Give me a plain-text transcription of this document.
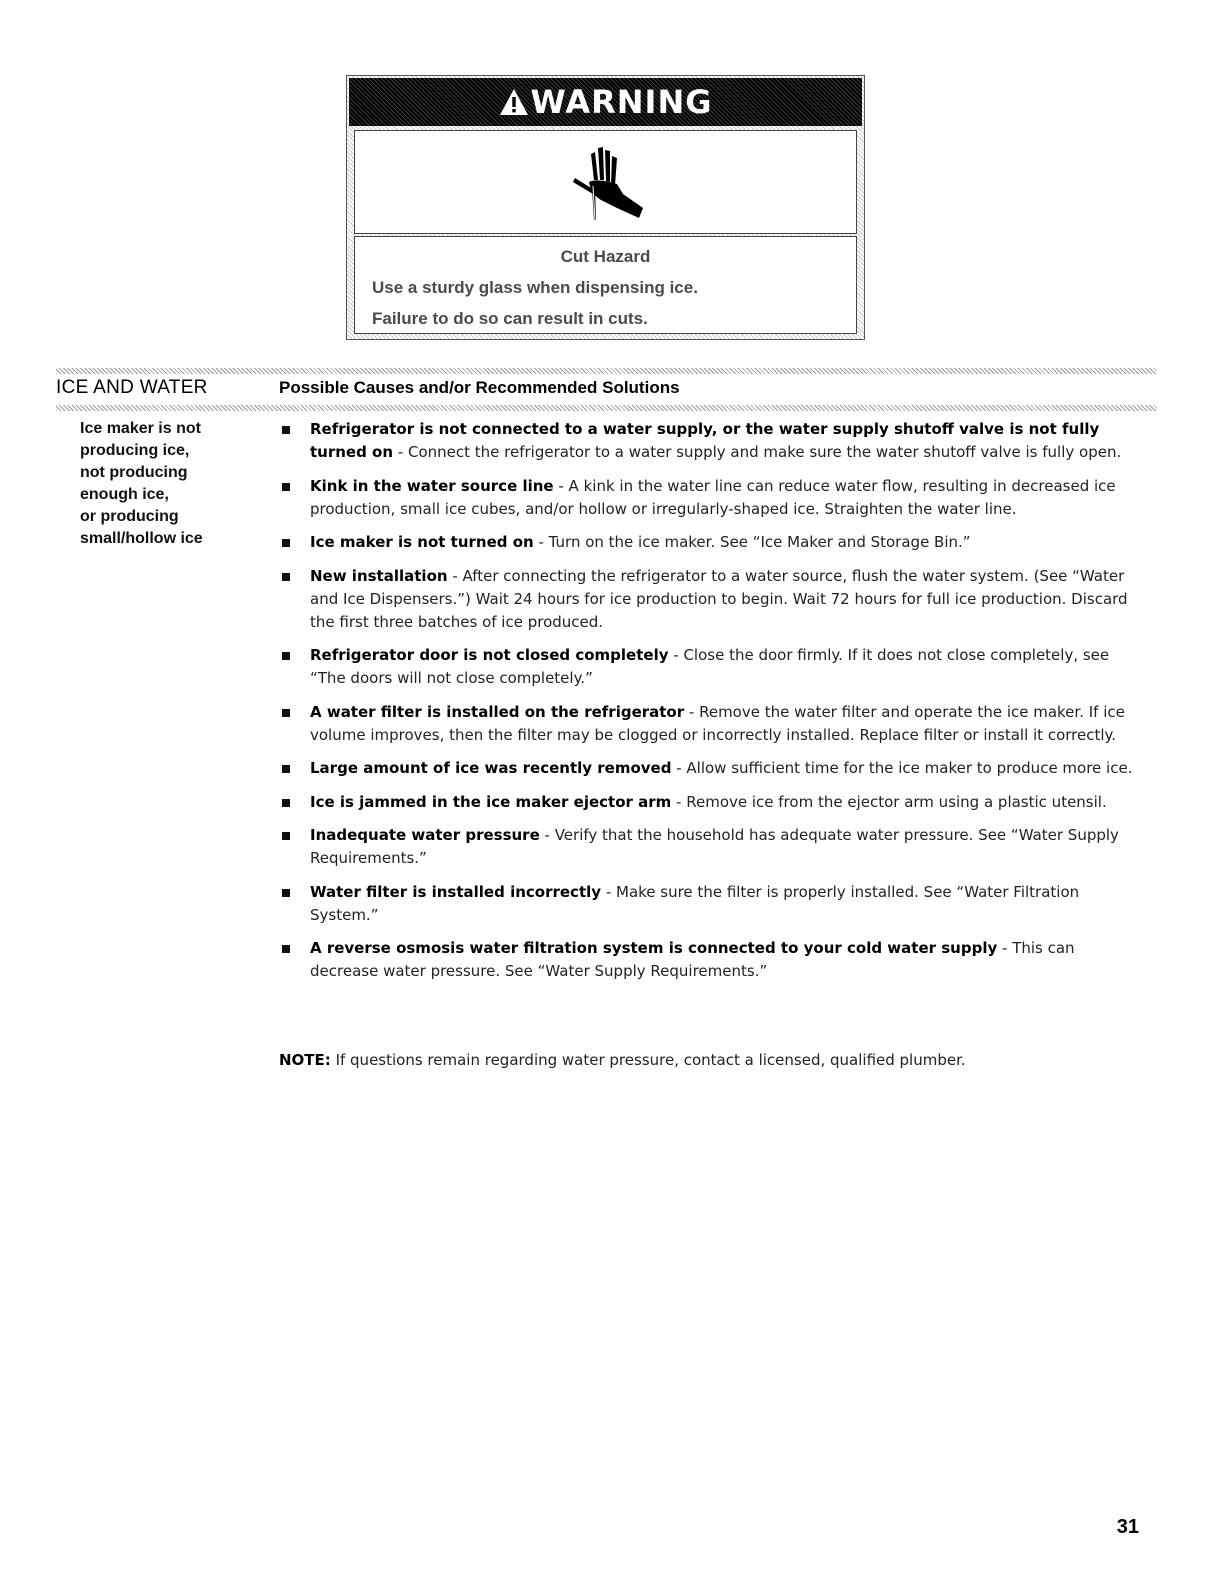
WARNING
Cut Hazard
Use a sturdy glass when dispensing ice.
Failure to do so can result in cuts.
ICE AND WATER	Possible Causes and/or Recommended Solutions
Ice maker is not
producing ice,
not producing
enough ice,
or producing
small/hollow ice
Refrigerator is not connected to a water supply, or the water supply shutoff valve is not fully turned on - Connect the refrigerator to a water supply and make sure the water shutoff valve is fully open.
Kink in the water source line - A kink in the water line can reduce water flow, resulting in decreased ice production, small ice cubes, and/or hollow or irregularly-shaped ice. Straighten the water line.
Ice maker is not turned on - Turn on the ice maker. See “Ice Maker and Storage Bin.”
New installation - After connecting the refrigerator to a water source, flush the water system. (See “Water and Ice Dispensers.”) Wait 24 hours for ice production to begin. Wait 72 hours for full ice production. Discard the first three batches of ice produced.
Refrigerator door is not closed completely - Close the door firmly. If it does not close completely, see “The doors will not close completely.”
A water filter is installed on the refrigerator - Remove the water filter and operate the ice maker. If ice volume improves, then the filter may be clogged or incorrectly installed. Replace filter or install it correctly.
Large amount of ice was recently removed - Allow sufficient time for the ice maker to produce more ice.
Ice is jammed in the ice maker ejector arm - Remove ice from the ejector arm using a plastic utensil.
Inadequate water pressure - Verify that the household has adequate water pressure. See “Water Supply Requirements.”
Water filter is installed incorrectly - Make sure the filter is properly installed. See “Water Filtration System.”
A reverse osmosis water filtration system is connected to your cold water supply - This can decrease water pressure. See “Water Supply Requirements.”
NOTE: If questions remain regarding water pressure, contact a licensed, qualified plumber.
31
